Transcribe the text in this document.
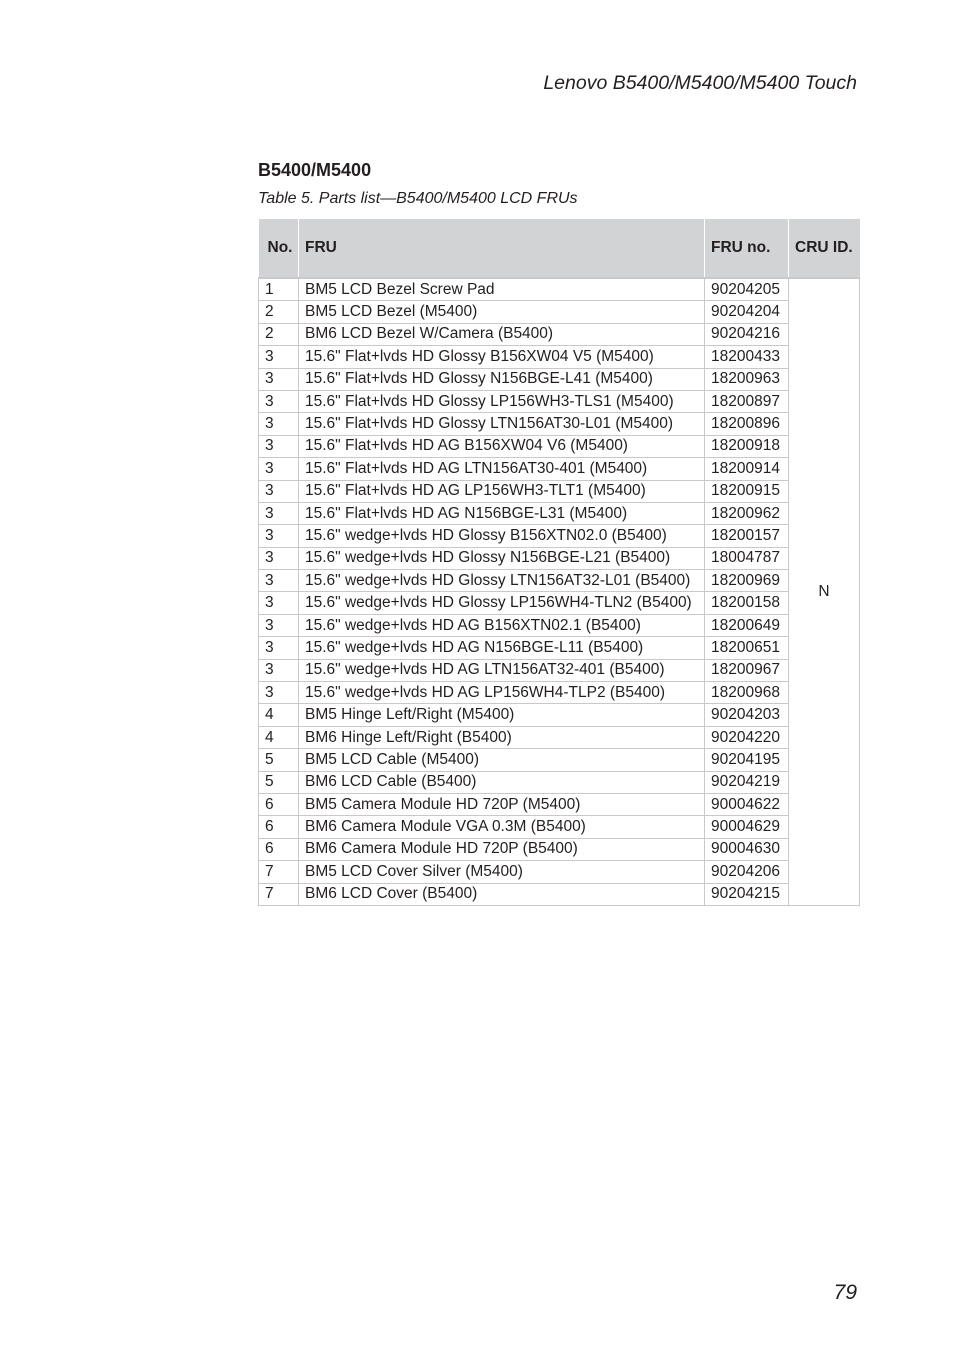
Lenovo B5400/M5400/M5400 Touch
B5400/M5400
Table 5. Parts list—B5400/M5400 LCD FRUs
No.	FRU	FRU no.	CRU ID.
1	BM5 LCD Bezel Screw Pad	90204205	N
2	BM5 LCD Bezel (M5400)	90204204	
2	BM6 LCD Bezel W/Camera (B5400)	90204216	
3	15.6" Flat+lvds HD Glossy B156XW04 V5 (M5400)	18200433	
3	15.6" Flat+lvds HD Glossy N156BGE-L41 (M5400)	18200963	
3	15.6" Flat+lvds HD Glossy LP156WH3-TLS1 (M5400)	18200897	
3	15.6" Flat+lvds HD Glossy LTN156AT30-L01 (M5400)	18200896	
3	15.6" Flat+lvds HD AG B156XW04 V6 (M5400)	18200918	
3	15.6" Flat+lvds HD AG LTN156AT30-401 (M5400)	18200914	
3	15.6" Flat+lvds HD AG LP156WH3-TLT1 (M5400)	18200915	
3	15.6" Flat+lvds HD AG N156BGE-L31 (M5400)	18200962	
3	15.6" wedge+lvds HD Glossy B156XTN02.0 (B5400)	18200157	
3	15.6" wedge+lvds HD Glossy N156BGE-L21 (B5400)	18004787	
3	15.6" wedge+lvds HD Glossy LTN156AT32-L01 (B5400)	18200969	
3	15.6" wedge+lvds HD Glossy LP156WH4-TLN2 (B5400)	18200158	
3	15.6" wedge+lvds HD AG B156XTN02.1 (B5400)	18200649	
3	15.6" wedge+lvds HD AG N156BGE-L11 (B5400)	18200651	
3	15.6" wedge+lvds HD AG LTN156AT32-401 (B5400)	18200967	
3	15.6" wedge+lvds HD AG LP156WH4-TLP2 (B5400)	18200968	
4	BM5 Hinge Left/Right (M5400)	90204203	
4	BM6 Hinge Left/Right (B5400)	90204220	
5	BM5 LCD Cable (M5400)	90204195	
5	BM6 LCD Cable (B5400)	90204219	
6	BM5 Camera Module HD 720P (M5400)	90004622	
6	BM6 Camera Module VGA 0.3M (B5400)	90004629	
6	BM6 Camera Module HD 720P (B5400)	90004630	
7	BM5 LCD Cover Silver (M5400)	90204206	
7	BM6 LCD Cover (B5400)	90204215	
79
